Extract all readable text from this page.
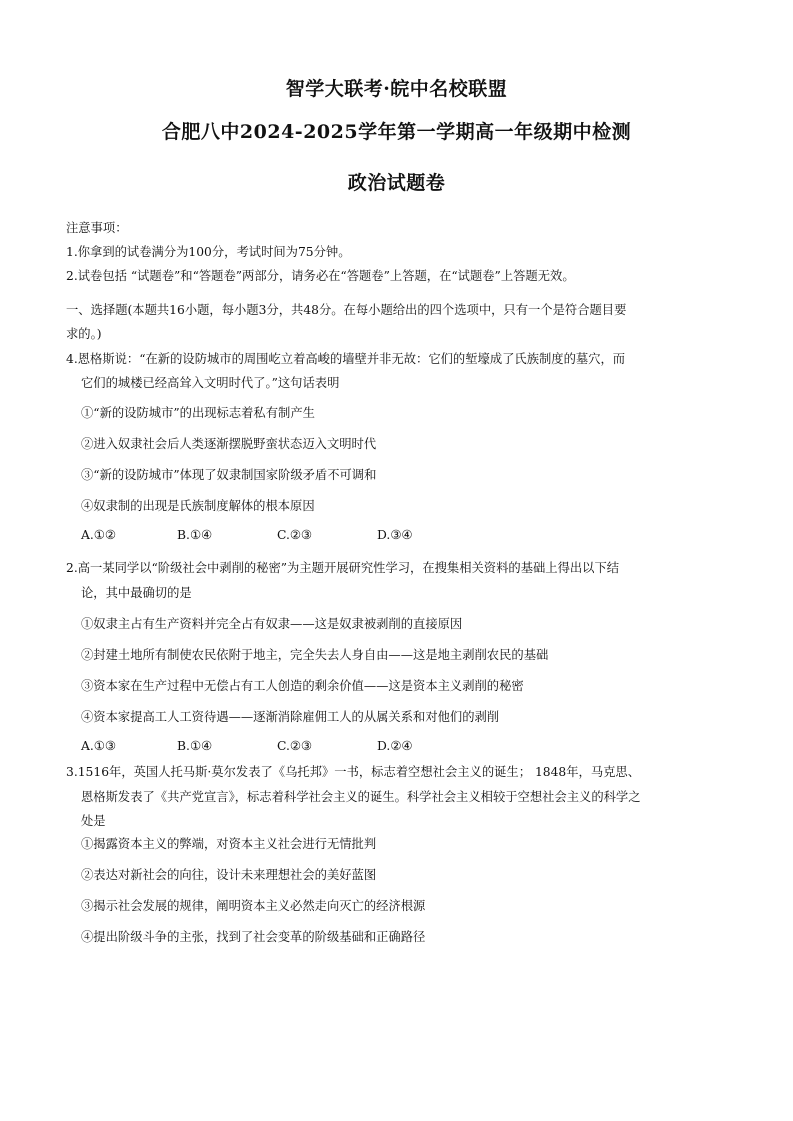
智学大联考·皖中名校联盟
合肥八中2024-2025学年第一学期高一年级期中检测
政治试题卷
注意事项：
1.你拿到的试卷满分为100分，考试时间为75分钟。
2.试卷包括 “试题卷”和“答题卷”两部分，请务必在“答题卷”上答题，在“试题卷”上答题无效。
一、选择题(本题共16小题，每小题3分，共48分。在每小题给出的四个选项中，只有一个是符合题目要
求的。)
4.恩格斯说：“在新的设防城市的周围屹立着高峻的墙壁并非无故：它们的堑壕成了氏族制度的墓穴，而
它们的城楼已经高耸入文明时代了。”这句话表明
①“新的设防城市”的出现标志着私有制产生
②进入奴隶社会后人类逐渐摆脱野蛮状态迈入文明时代
③“新的设防城市”体现了奴隶制国家阶级矛盾不可调和
④奴隶制的出现是氏族制度解体的根本原因
A.①②	B.①④	C.②③	D.③④
2.高一某同学以“阶级社会中剥削的秘密”为主题开展研究性学习，在搜集相关资料的基础上得出以下结
论，其中最确切的是
①奴隶主占有生产资料并完全占有奴隶——这是奴隶被剥削的直接原因
②封建土地所有制使农民依附于地主，完全失去人身自由——这是地主剥削农民的基础
③资本家在生产过程中无偿占有工人创造的剩余价值——这是资本主义剥削的秘密
④资本家提高工人工资待遇——逐渐消除雇佣工人的从属关系和对他们的剥削
A.①③	B.①④	C.②③	D.②④
3.1516年，英国人托马斯·莫尔发表了《乌托邦》一书，标志着空想社会主义的诞生； 1848年，马克思、
恩格斯发表了《共产党宣言》，标志着科学社会主义的诞生。科学社会主义相较于空想社会主义的科学之
处是
①揭露资本主义的弊端，对资本主义社会进行无情批判
②表达对新社会的向往，设计未来理想社会的美好蓝图
③揭示社会发展的规律，阐明资本主义必然走向灭亡的经济根源
④提出阶级斗争的主张，找到了社会变革的阶级基础和正确路径
